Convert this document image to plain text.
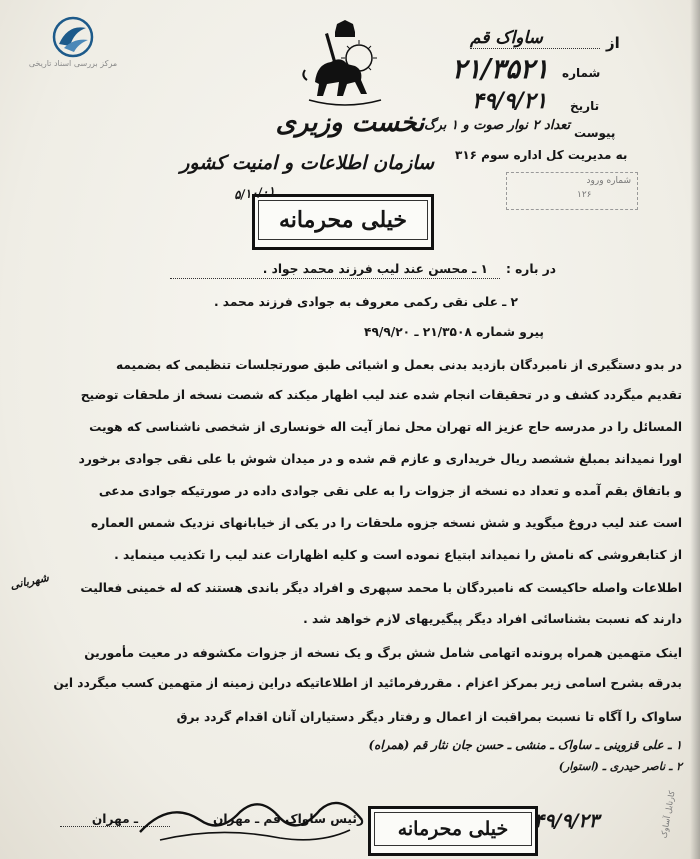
مرکز بررسی اسناد تاریخی
از
ساواک قم
شماره
۲۱/۳۵۲۱
تاریخ
۴۹/۹/۲۱
پیوست
تعداد ۲ نوار صوت و ۱ برگ
به مدیریت کل اداره سوم ۳۱۶
شماره ورود
۱۲۶
نخست وزیری
سازمان اطلاعات و امنیت کشور
خیلی محرمانه
۵/۱۰/۰۱
در باره :
۱ ـ محسن عند لیب فرزند محمد جواد .
۲ ـ علی نقی رکمی معروف به جوادی فرزند محمد .
پیرو شماره ۲۱/۳۵۰۸ ـ ۴۹/۹/۲۰
در بدو دستگیری از نامبردگان بازدید بدنی بعمل و اشیائی طبق صورتجلسات تنظیمی که بضمیمه
تقدیم میگردد کشف و در تحقیقات انجام شده عند لیب اظهار میکند که شصت نسخه از ملحقات توضیح
المسائل را در مدرسه حاج عزیز اله تهران محل نماز آیت اله خونساری از شخصی ناشناسی که هویت
اورا نمیداند بمبلغ ششصد ریال خریداری و عازم قم شده و در میدان شوش با علی نقی جوادی برخورد
و باتفاق بقم آمده و تعداد ده نسخه از جزوات را به علی نقی جوادی داده در صورتیکه جوادی مدعی
است عند لیب دروغ میگوید و شش نسخه جزوه ملحقات را در یکی از خیابانهای نزدیک شمس العماره
از کتابفروشی که نامش را نمیداند ابتیاع نموده است و کلیه اظهارات عند لیب را تکذیب مینماید .
اطلاعات واصله حاکیست که نامبردگان با محمد سپهری و افراد دیگر باندی هستند که له خمینی فعالیت
دارند که نسبت بشناسائی افراد دیگر پیگیریهای لازم خواهد شد .
شهربانی
اینک متهمین همراه پرونده اتهامی شامل شش برگ و یک نسخه از جزوات مکشوفه در معیت مأمورین
بدرقه بشرح اسامی زیر بمرکز اعزام . مقررفرمائید از اطلاعاتیکه دراین زمینه از متهمین کسب میگردد این
ساواک را آگاه تا نسبت بمراقبت از اعمال و رفتار دیگر دستیاران آنان اقدام گردد برق
۱ ـ علی قزوینی ـ ساواک ـ منشی ـ حسن جان نثار قم (همراه)
۲ ـ ناصر حیدری ـ (استوار)
رئیس ساواک قم ـ مهران
ـ مهران	خیلی محرمانه	۴۹/۹/۲۳	کارتابل آساوک
